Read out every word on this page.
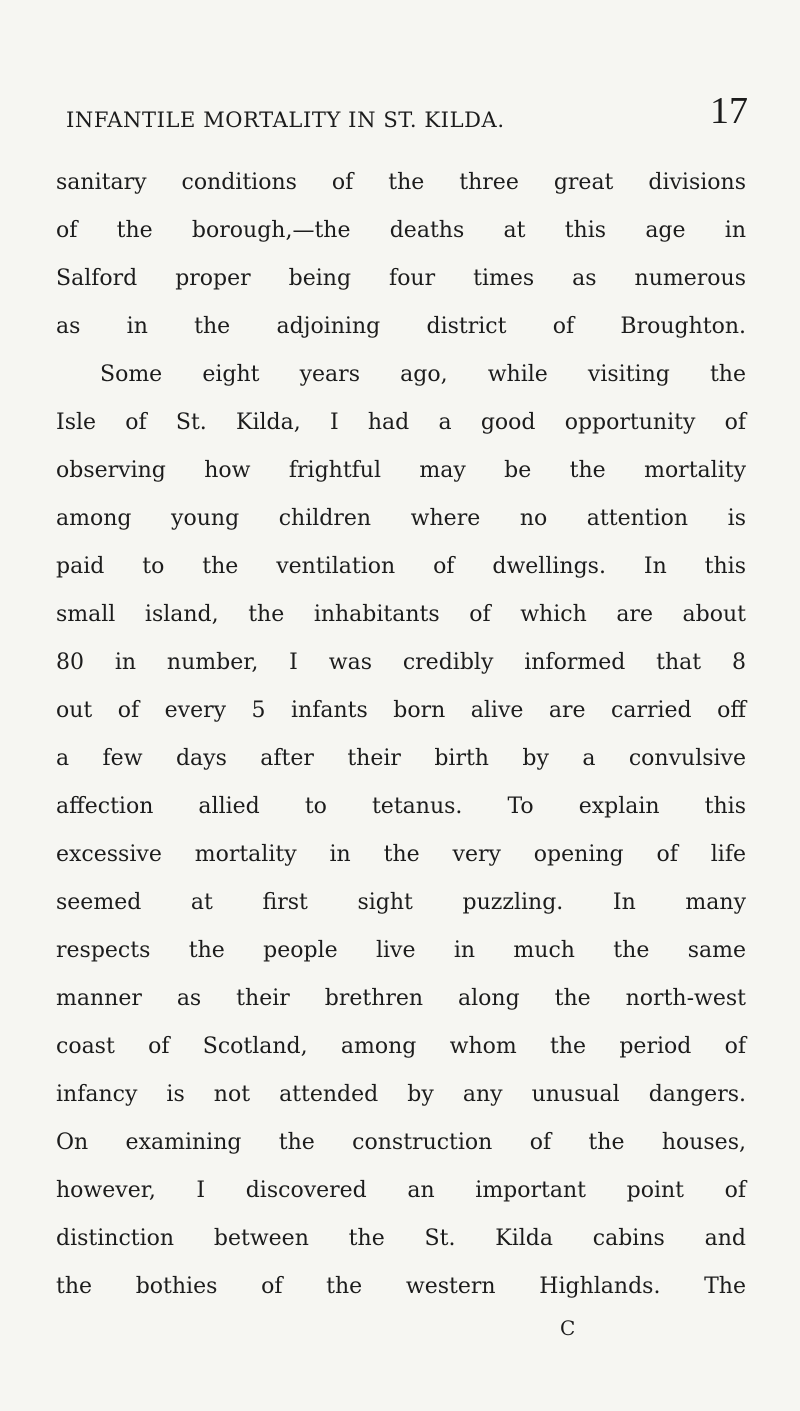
INFANTILE MORTALITY IN ST. KILDA.	17
sanitary conditions of the three great divisions
of the borough,—the deaths at this age in
Salford proper being four times as numerous
as in the adjoining district of Broughton.
Some eight years ago, while visiting the
Isle of St. Kilda, I had a good opportunity of
observing how frightful may be the mortality
among young children where no attention is
paid to the ventilation of dwellings. In this
small island, the inhabitants of which are about
80 in number, I was credibly informed that 8
out of every 5 infants born alive are carried off
a few days after their birth by a convulsive
affection allied to tetanus. To explain this
excessive mortality in the very opening of life
seemed at first sight puzzling. In many
respects the people live in much the same
manner as their brethren along the north-west
coast of Scotland, among whom the period of
infancy is not attended by any unusual dangers.
On examining the construction of the houses,
however, I discovered an important point of
distinction between the St. Kilda cabins and
the bothies of the western Highlands. The
C
